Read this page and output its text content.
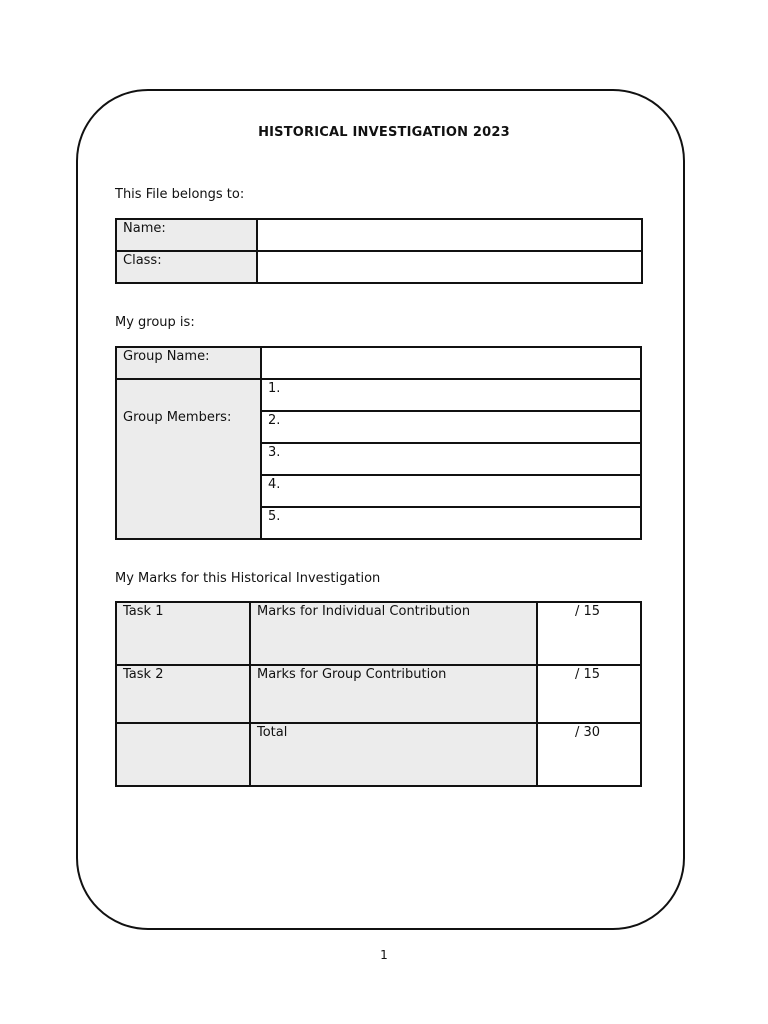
HISTORICAL INVESTIGATION 2023
This File belongs to:
Name:	
Class:	
My group is:
Group Name:	
Group Members:	1.
	2.
	3.
	4.
	5.
My Marks for this Historical Investigation
Task 1	Marks for Individual Contribution	/ 15
Task 2	Marks for Group Contribution	/ 15
	Total	/ 30
1
